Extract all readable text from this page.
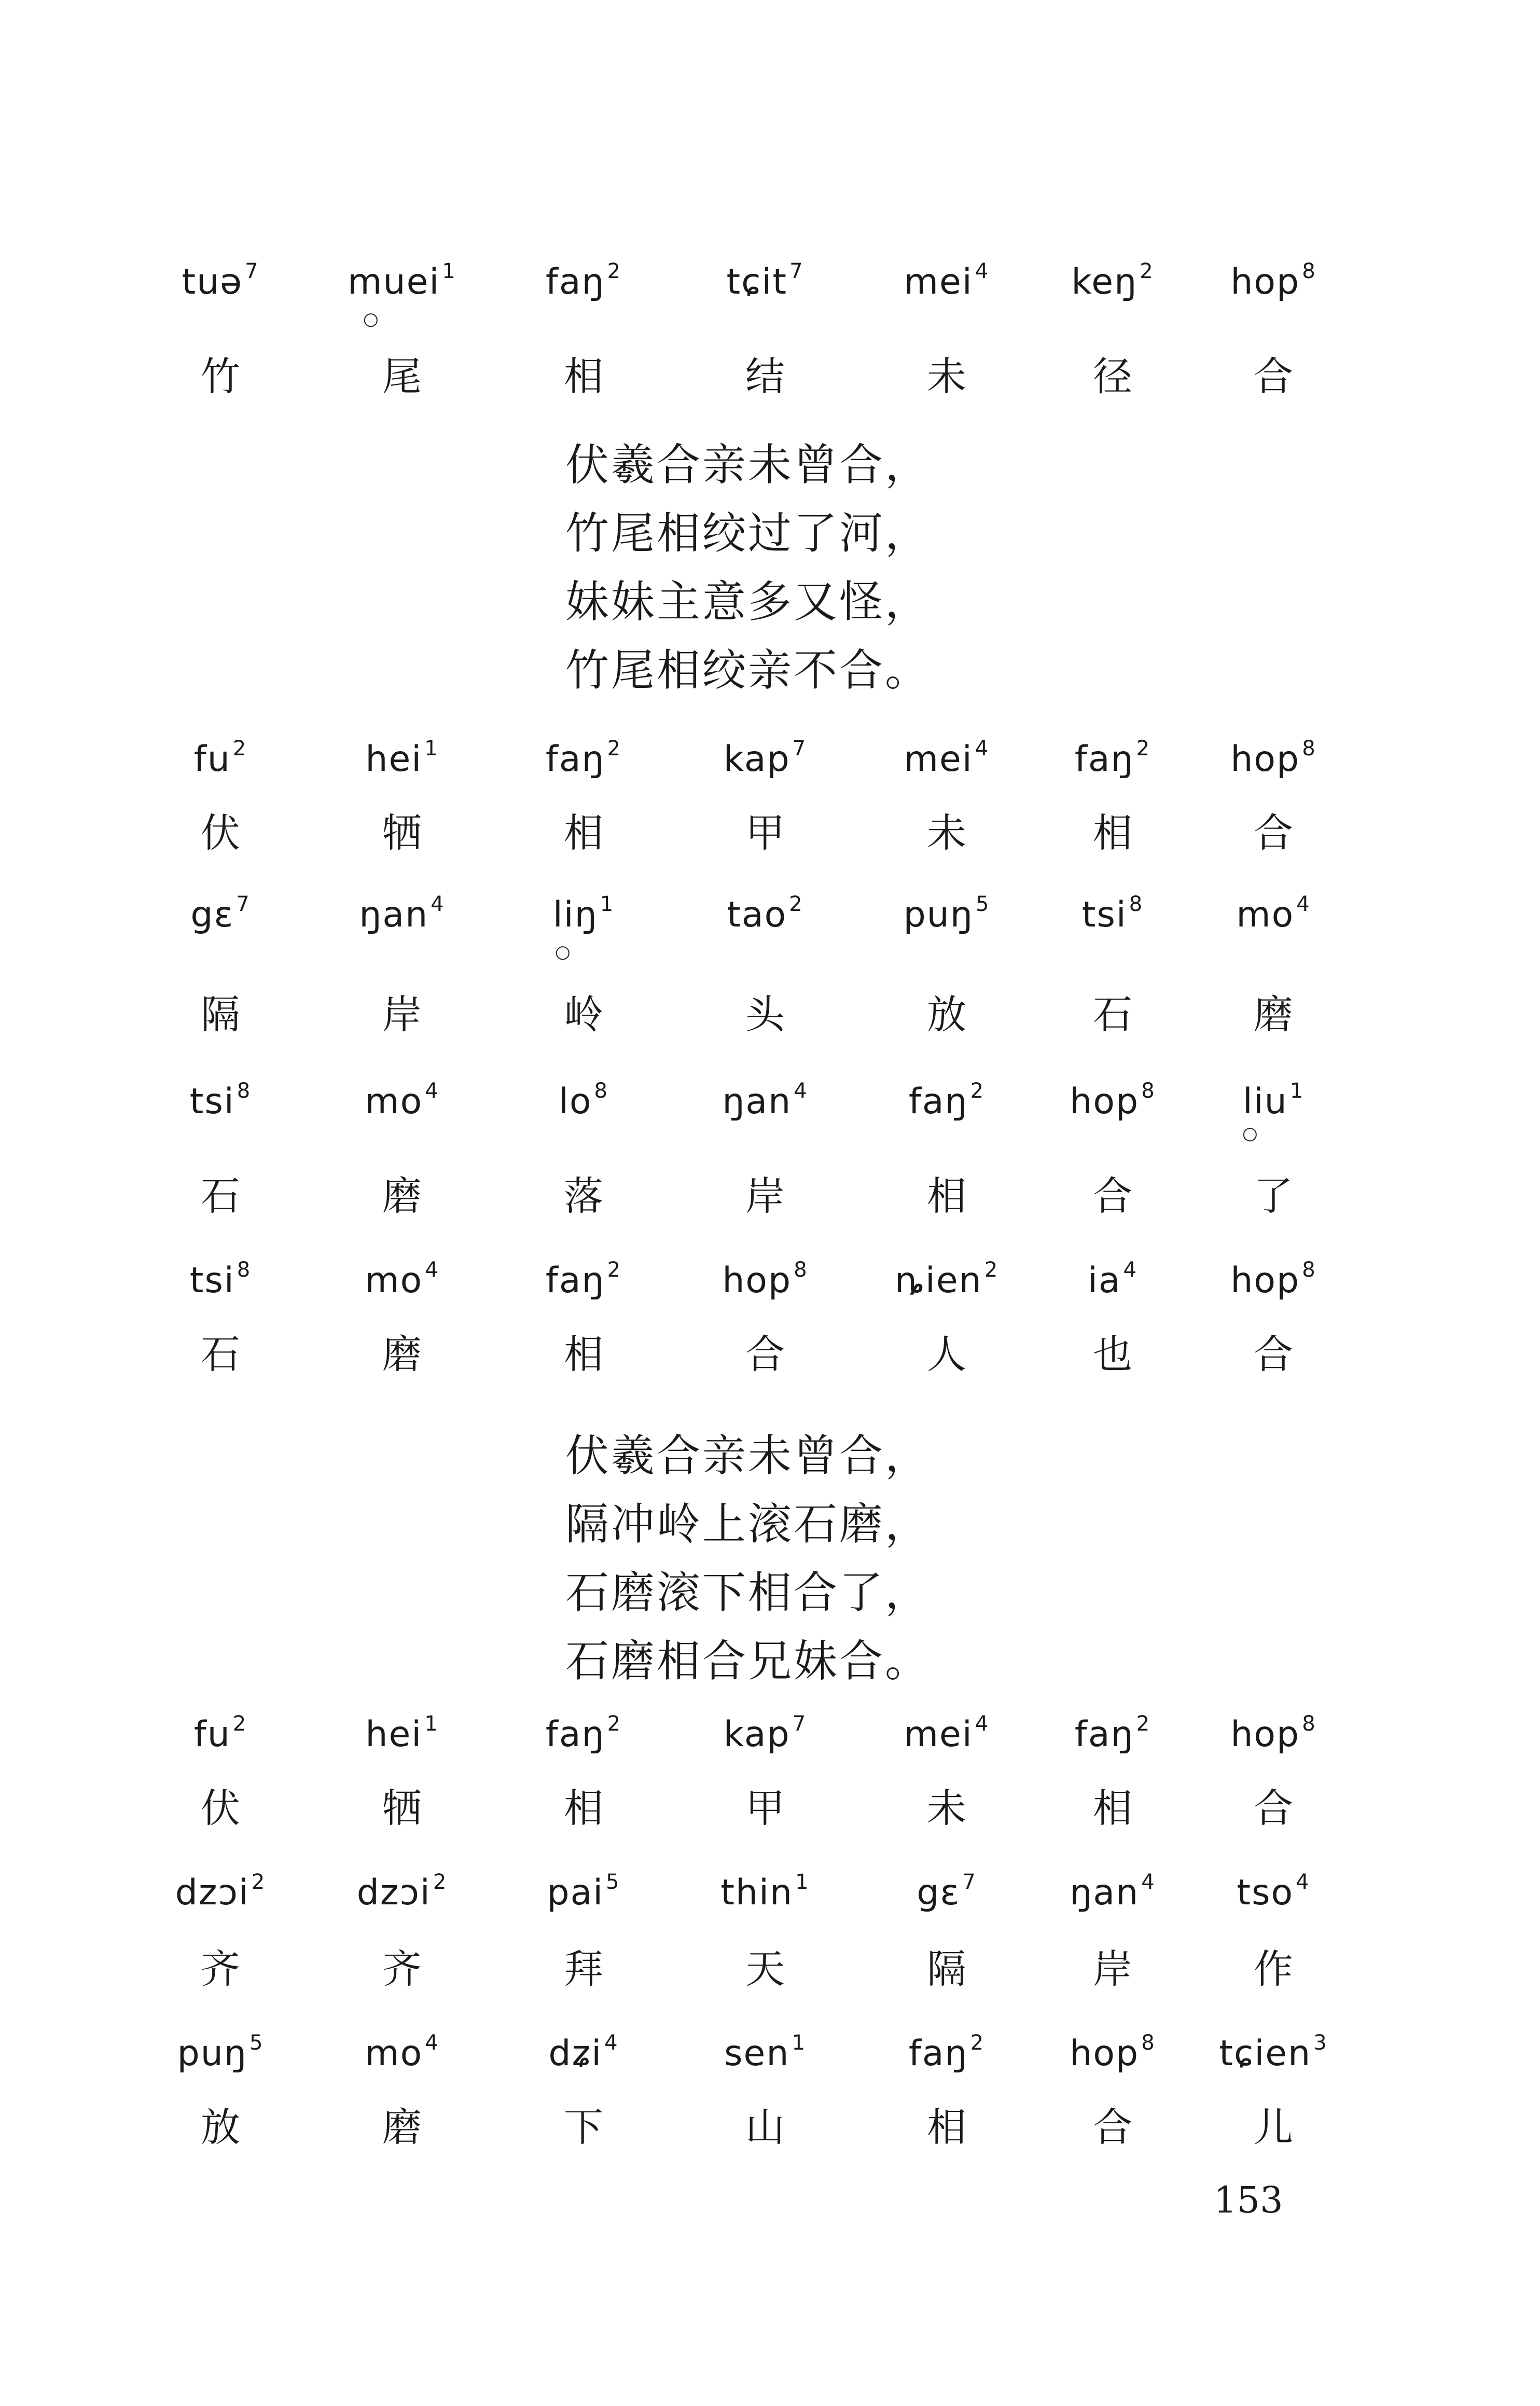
tuə $^7$	muei $^1$	faŋ $^2$	tɕit $^7$	mei $^4$	keŋ $^2$	hop $^8$
○
竹	尾	相	结	未	径	合
伏羲合亲未曾合，
竹尾相绞过了河，
妹妹主意多又怪，
竹尾相绞亲不合。
fu $^2$	hei $^1$	faŋ $^2$	kap $^7$	mei $^4$	faŋ $^2$	hop $^8$
伏	牺	相	甲	未	相	合
gɛ $^7$	ŋan $^4$	liŋ $^1$	tao $^2$	puŋ $^5$	tsi $^8$	mo $^4$
○
隔	岸	岭	头	放	石	磨
tsi $^8$	mo $^4$	lo $^8$	ŋan $^4$	faŋ $^2$	hop $^8$	liu $^1$
○
石	磨	落	岸	相	合	了
tsi $^8$	mo $^4$	faŋ $^2$	hop $^8$	ȵien $^2$	ia $^4$	hop $^8$
石	磨	相	合	人	也	合
伏羲合亲未曾合，
隔冲岭上滚石磨，
石磨滚下相合了，
石磨相合兄妹合。
fu $^2$	hei $^1$	faŋ $^2$	kap $^7$	mei $^4$	faŋ $^2$	hop $^8$
伏	牺	相	甲	未	相	合
dzɔi $^2$	dzɔi $^2$	pai $^5$	thin $^1$	gɛ $^7$	ŋan $^4$	tso $^4$
齐	齐	拜	天	隔	岸	作
puŋ $^5$	mo $^4$	dʑi $^4$	sen $^1$	faŋ $^2$	hop $^8$	tɕien $^3$
放	磨	下	山	相	合	儿
153
